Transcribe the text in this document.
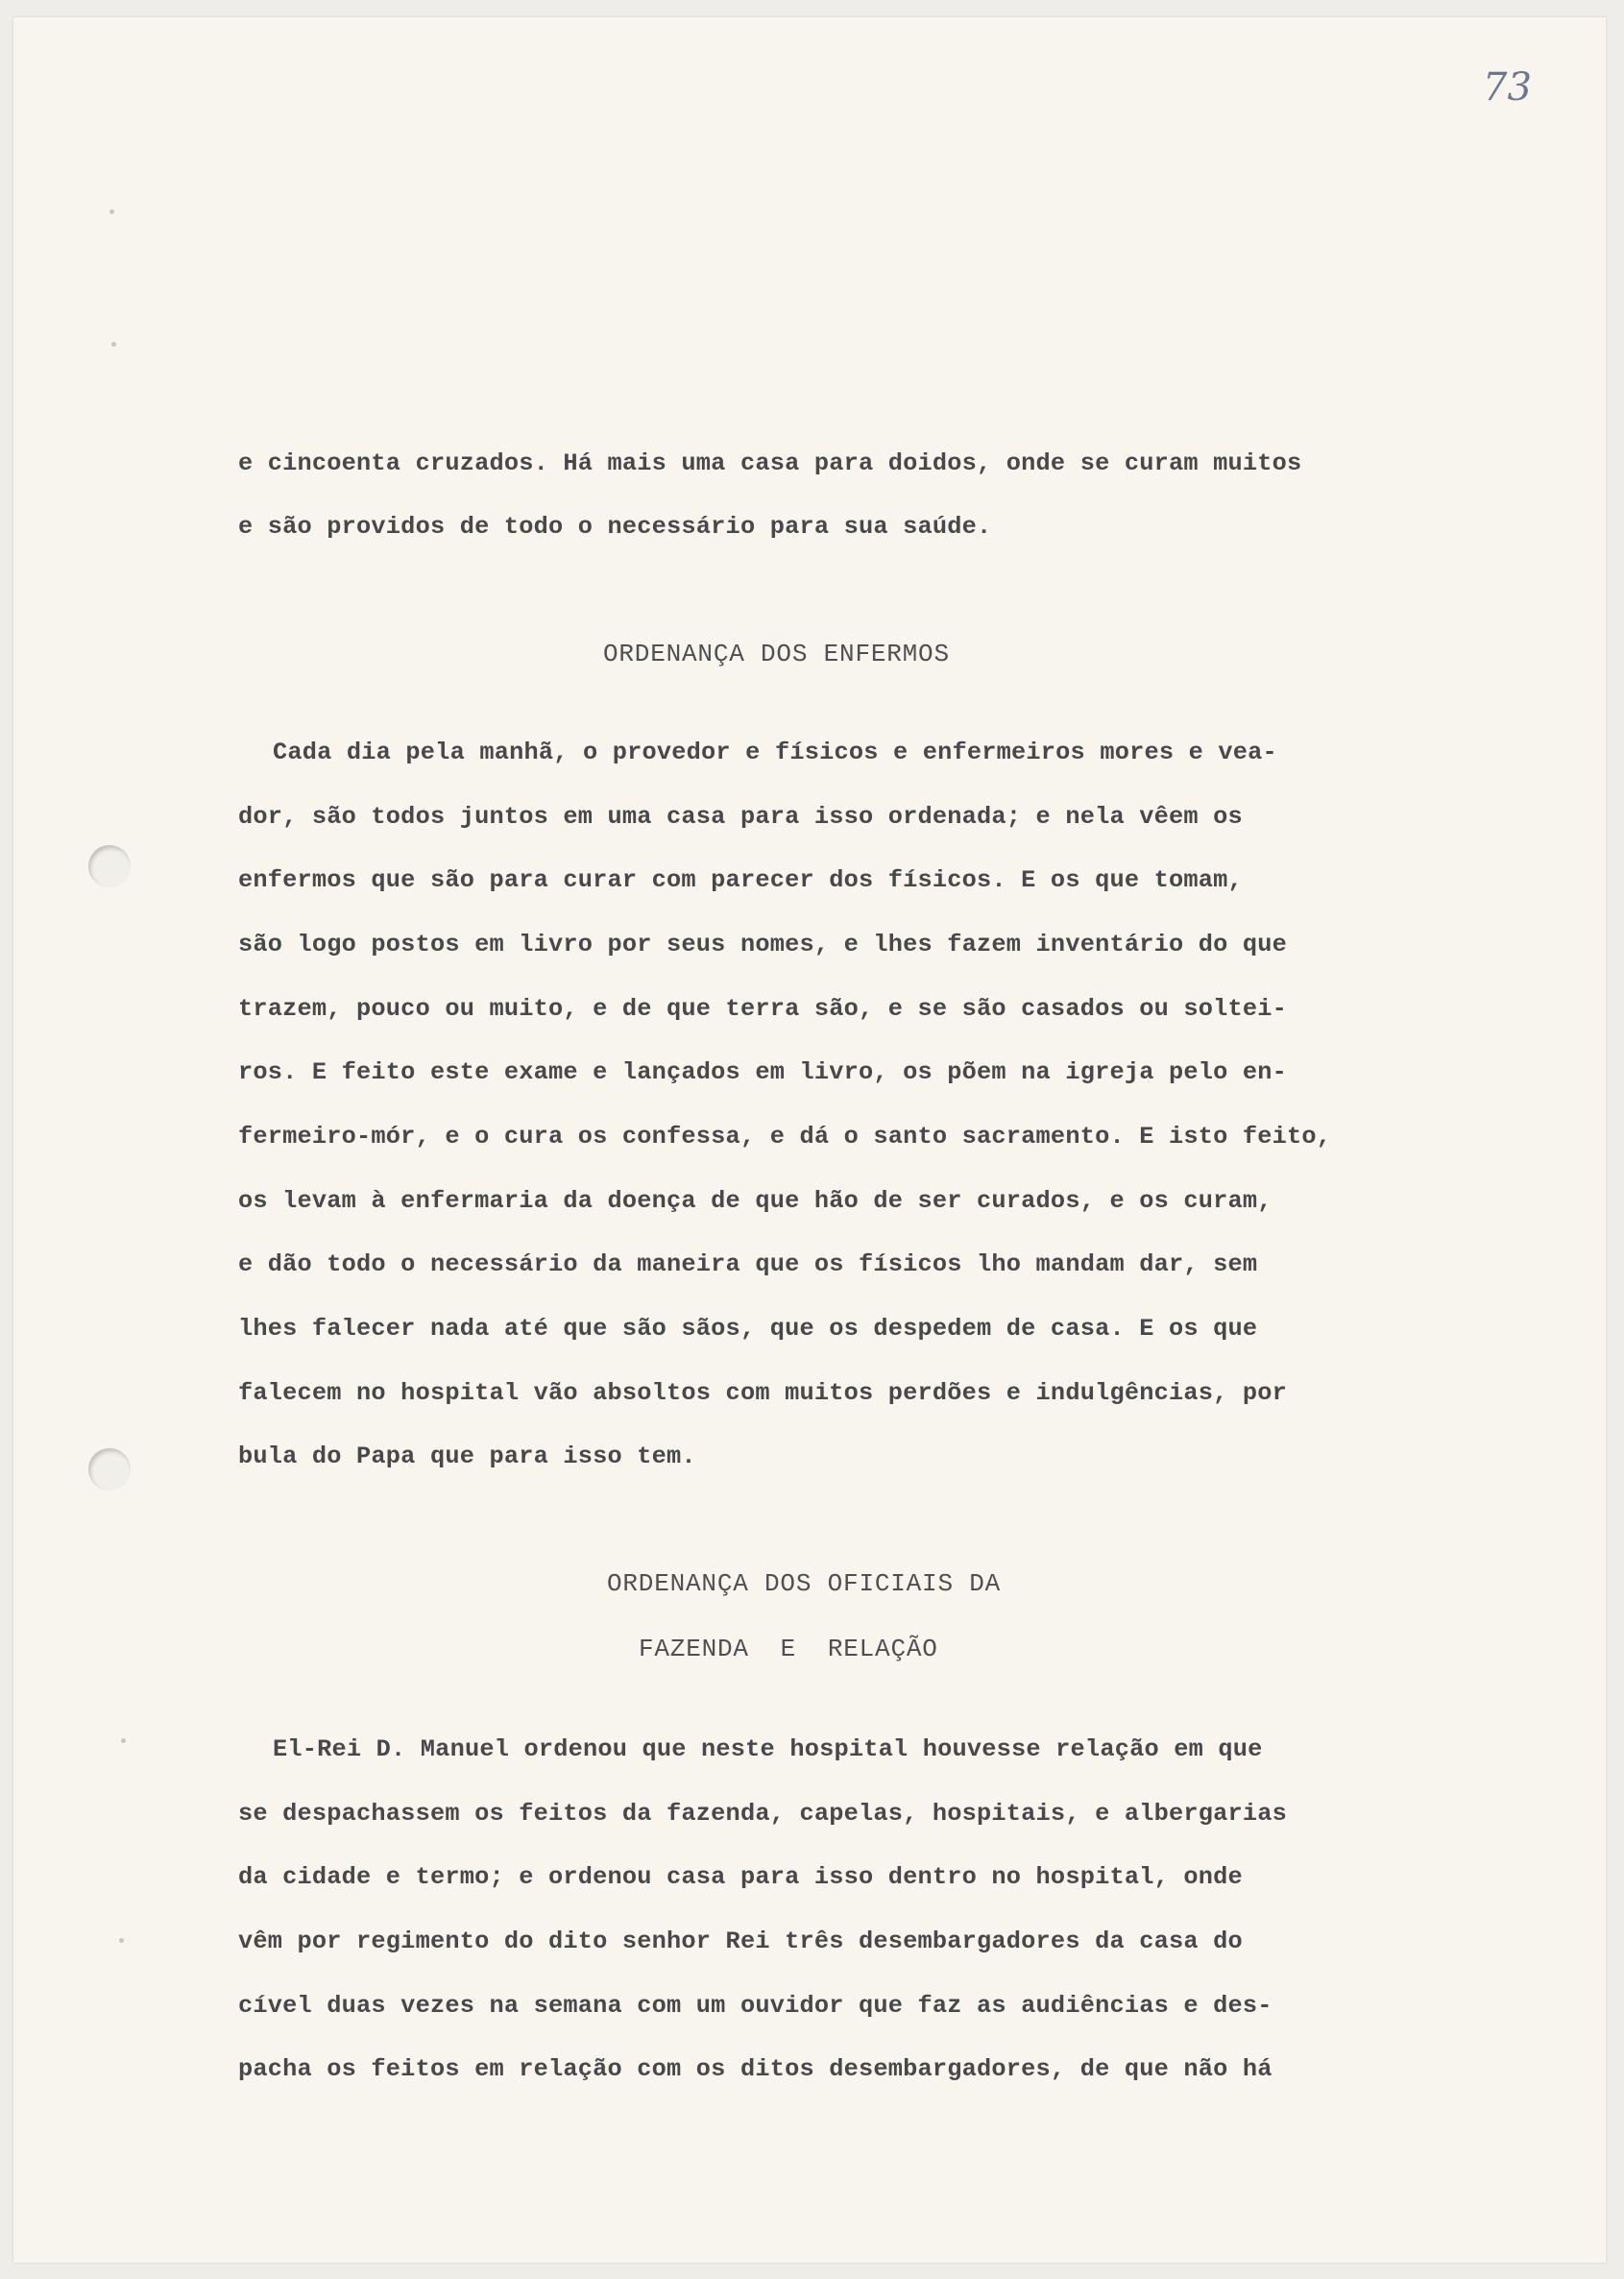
73
e cincoenta cruzados. Há mais uma casa para doidos, onde se curam muitos
e são providos de todo o necessário para sua saúde.
ORDENANÇA DOS ENFERMOS
Cada dia pela manhã, o provedor e físicos e enfermeiros mores e vea-
dor, são todos juntos em uma casa para isso ordenada; e nela vêem os
enfermos que são para curar com parecer dos físicos. E os que tomam,
são logo postos em livro por seus nomes, e lhes fazem inventário do que
trazem, pouco ou muito, e de que terra são, e se são casados ou soltei-
ros. E feito este exame e lançados em livro, os põem na igreja pelo en-
fermeiro-mór, e o cura os confessa, e dá o santo sacramento. E isto feito,
os levam à enfermaria da doença de que hão de ser curados, e os curam,
e dão todo o necessário da maneira que os físicos lho mandam dar, sem
lhes falecer nada até que são sãos, que os despedem de casa. E os que
falecem no hospital vão absoltos com muitos perdões e indulgências, por
bula do Papa que para isso tem.
ORDENANÇA DOS OFICIAIS DA
FAZENDA  E  RELAÇÃO
El-Rei D. Manuel ordenou que neste hospital houvesse relação em que
se despachassem os feitos da fazenda, capelas, hospitais, e albergarias
da cidade e termo; e ordenou casa para isso dentro no hospital, onde
vêm por regimento do dito senhor Rei três desembargadores da casa do
cível duas vezes na semana com um ouvidor que faz as audiências e des-
pacha os feitos em relação com os ditos desembargadores, de que não há
